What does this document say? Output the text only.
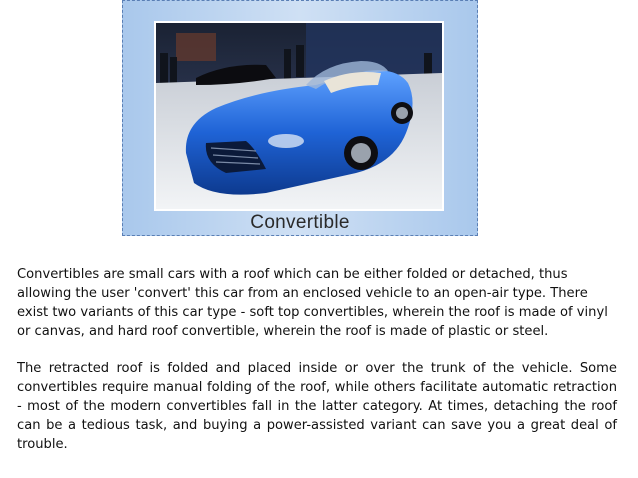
Convertible

Convertibles are small cars with a roof which can be either folded or detached, thus allowing the user 'convert' this car from an enclosed vehicle to an open-air type. There exist two variants of this car type - soft top convertibles, wherein the roof is made of vinyl or canvas, and hard roof convertible, wherein the roof is made of plastic or steel.

The retracted roof is folded and placed inside or over the trunk of the vehicle. Some convertibles require manual folding of the roof, while others facilitate automatic retraction - most of the modern convertibles fall in the latter category. At times, detaching the roof can be a tedious task, and buying a power-assisted variant can save you a great deal of trouble.
